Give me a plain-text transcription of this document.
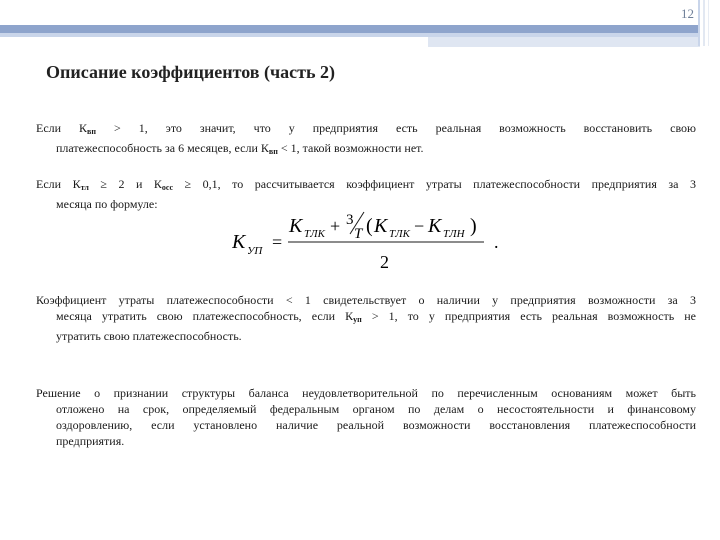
12
Описание коэффициентов (часть 2)
Если $К_{вп} > 1$, это значит, что у предприятия есть реальная возможность восстановить свою
платежеспособность за 6 месяцев, если $К_{вп} < 1$, такой возможности нет.
Если $К_{тл} \ge 2$ и $К_{осс} \ge 0,1$, то рассчитывается коэффициент утраты платежеспособности предприятия за 3
месяца по формуле:
K УП =
K ТЛК + 3
T ( K ТЛК − K ТЛН )
2
.
Коэффициент утраты платежеспособности < 1 свидетельствует о наличии у предприятия возможности за 3
месяца утратить свою платежеспособность, если $К_{уп} > 1$, то у предприятия есть реальная возможность не
утратить свою платежеспособность.
Решение о признании структуры баланса неудовлетворительной по перечисленным основаниям может быть
отложено на срок, определяемый федеральным органом по делам о несостоятельности и финансовому
оздоровлению, если установлено наличие реальной возможности восстановления платежеспособности
предприятия.
